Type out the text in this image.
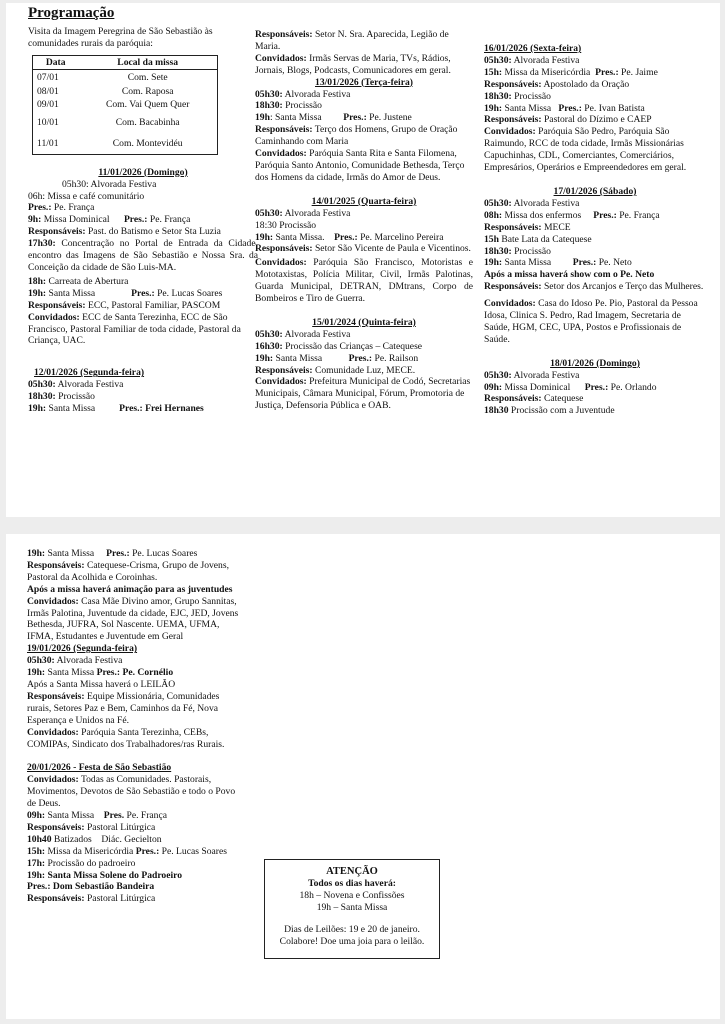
Programação

Visita da Imagem Peregrina de São Sebastião às

comunidades rurais da paróquia:

Data	Local da missa
07/01	Com. Sete
08/01	Com. Raposa
09/01	Com. Vai Quem Quer
10/01	Com. Bacabinha
11/01	Com. Montevidéu

11/01/2026 (Domingo)

05h30: Alvorada Festiva

06h: Missa e café comunitário

Pres.: Pe. França

9h: Missa Dominical Pres.: Pe. França

Responsáveis: Past. do Batismo e Setor Sta Luzia

17h30: Concentração no Portal de Entrada da Cidade, encontro das Imagens de São Sebastião e Nossa Sra. da Conceição da cidade de São Luis-MA.

18h: Carreata de Abertura

19h: Santa Missa	Pres.: Pe. Lucas Soares

Responsáveis: ECC, Pastoral Familiar, PASCOM

Convidados: ECC de Santa Terezinha, ECC de São Francisco, Pastoral Familiar de toda cidade, Pastoral da Criança, UAC.

12/01/2026 (Segunda-feira)

05h30: Alvorada Festiva

18h30: Procissão

19h: Santa Missa Pres.: Frei Hernanes

Responsáveis: Setor N. Sra. Aparecida, Legião de Maria.

Convidados: Irmãs Servas de Maria, TVs, Rádios, Jornais, Blogs, Podcasts, Comunicadores em geral.

13/01/2026 (Terça-feira)

05h30: Alvorada Festiva

18h30: Procissão

19h: Santa Missa Pres.: Pe. Justene

Responsáveis: Terço dos Homens, Grupo de Oração Caminhando com Maria

Convidados: Paróquia Santa Rita e Santa Filomena, Paróquia Santo Antonio, Comunidade Bethesda, Terço dos Homens da cidade, Irmãs do Amor de Deus.

14/01/2025 (Quarta-feira)

05h30: Alvorada Festiva

18:30 Procissão

19h: Santa Missa. Pres.: Pe. Marcelino Pereira

Responsáveis: Setor São Vicente de Paula e Vicentinos.

Convidados: Paróquia São Francisco, Motoristas e Mototaxistas, Polícia Militar, Civil, Irmãs Palotinas, Guarda Municipal, DETRAN, DMtrans, Corpo de Bombeiros e Tiro de Guerra.

15/01/2024 (Quinta-feira)

05h30: Alvorada Festiva

16h30: Procissão das Crianças – Catequese

19h: Santa Missa	Pres.: Pe. Railson

Responsáveis: Comunidade Luz, MECE.

Convidados: Prefeitura Municipal de Codó, Secretarias Municipais, Câmara Municipal, Fórum, Promotoria de Justiça, Defensoria Pública e OAB.

16/01/2026 (Sexta-feira)

05h30: Alvorada Festiva

15h: Missa da Misericórdia Pres.: Pe. Jaime

Responsáveis: Apostolado da Oração

18h30: Procissão

19h: Santa Missa Pres.: Pe. Ivan Batista

Responsáveis: Pastoral do Dízimo e CAEP

Convidados: Paróquia São Pedro, Paróquia São Raimundo, RCC de toda cidade, Irmãs Missionárias Capuchinhas, CDL, Comerciantes, Comerciários, Empresários, Operários e Empreendedores em geral.

17/01/2026 (Sábado)

05h30: Alvorada Festiva

08h: Missa dos enfermos Pres.: Pe. França

Responsáveis: MECE

15h Bate Lata da Catequese

18h30: Procissão

19h: Santa Missa Pres.: Pe. Neto

Após a missa haverá show com o Pe. Neto

Responsáveis: Setor dos Arcanjos e Terço das Mulheres.

Convidados: Casa do Idoso Pe. Pio, Pastoral da Pessoa Idosa, Clinica S. Pedro, Rad Imagem, Secretaria de Saúde, HGM, CEC, UPA, Postos e Profissionais de Saúde.

18/01/2026 (Domingo)

05h30: Alvorada Festiva

09h: Missa Dominical Pres.: Pe. Orlando

Responsáveis: Catequese

18h30 Procissão com a Juventude

19h: Santa Missa Pres.: Pe. Lucas Soares

Responsáveis: Catequese-Crisma, Grupo de Jovens, Pastoral da Acolhida e Coroinhas.

Após a missa haverá animação para as juventudes

Convidados: Casa Mãe Divino amor, Grupo Sannitas, Irmãs Palotina, Juventude da cidade, EJC, JED, Jovens Bethesda, JUFRA, Sol Nascente. UEMA, UFMA, IFMA, Estudantes e Juventude em Geral

19/01/2026 (Segunda-feira)

05h30: Alvorada Festiva

19h: Santa Missa Pres.: Pe. Cornélio

Após a Santa Missa haverá o LEILÃO

Responsáveis: Equipe Missionária, Comunidades rurais, Setores Paz e Bem, Caminhos da Fé, Nova Esperança e Unidos na Fé.

Convidados: Paróquia Santa Terezinha, CEBs, COMIPAs, Sindicato dos Trabalhadores/ras Rurais.

20/01/2026 - Festa de São Sebastião

Convidados: Todas as Comunidades. Pastorais, Movimentos, Devotos de São Sebastião e todo o Povo de Deus.

09h: Santa Missa Pres. Pe. França

Responsáveis: Pastoral Litúrgica

10h40 Batizados Diác. Gecielton

15h: Missa da Misericórdia Pres.: Pe. Lucas Soares

17h: Procissão do padroeiro

19h: Santa Missa Solene do Padroeiro

Pres.: Dom Sebastião Bandeira

Responsáveis: Pastoral Litúrgica

ATENÇÃO

Todos os dias haverá:

18h – Novena e Confissões

19h – Santa Missa

Dias de Leilões: 19 e 20 de janeiro.

Colabore! Doe uma joia para o leilão.
